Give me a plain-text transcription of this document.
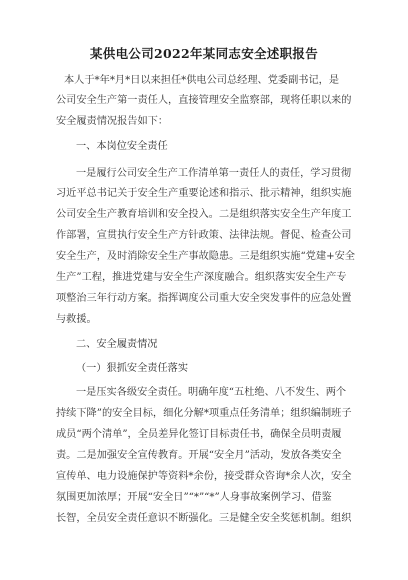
某供电公司2022年某同志安全述职报告
本人于*年*月*日以来担任*供电公司总经理、党委副书记，是
公司安全生产第一责任人，直接管理安全监察部，现将任职以来的
安全履责情况报告如下：
一、本岗位安全责任
一是履行公司安全生产工作清单第一责任人的责任，学习贯彻
习近平总书记关于安全生产重要论述和指示、批示精神，组织实施
公司安全生产教育培训和安全投入。二是组织落实安全生产年度工
作部署，宣贯执行安全生产方针政策、法律法规。督促、检查公司
安全生产，及时消除安全生产事故隐患。三是组织实施“党建+安全
生产”工程，推进党建与安全生产深度融合。组织落实安全生产专
项整治三年行动方案。指挥调度公司重大安全突发事件的应急处置
与救援。
二、安全履责情况
（一）狠抓安全责任落实
一是压实各级安全责任。明确年度“五杜绝、八不发生、两个
持续下降”的安全目标，细化分解*项重点任务清单；组织编制班子
成员“两个清单”，全员差异化签订目标责任书，确保全员明责履
责。二是加强安全宣传教育。开展“安全月”活动，发放各类安全
宣传单、电力设施保护等资料*余份，接受群众咨询*余人次，安全
氛围更加浓厚；开展“安全日”“*”“*”人身事故案例学习、借鉴
长智，全员安全责任意识不断强化。三是健全安全奖惩机制。组织
